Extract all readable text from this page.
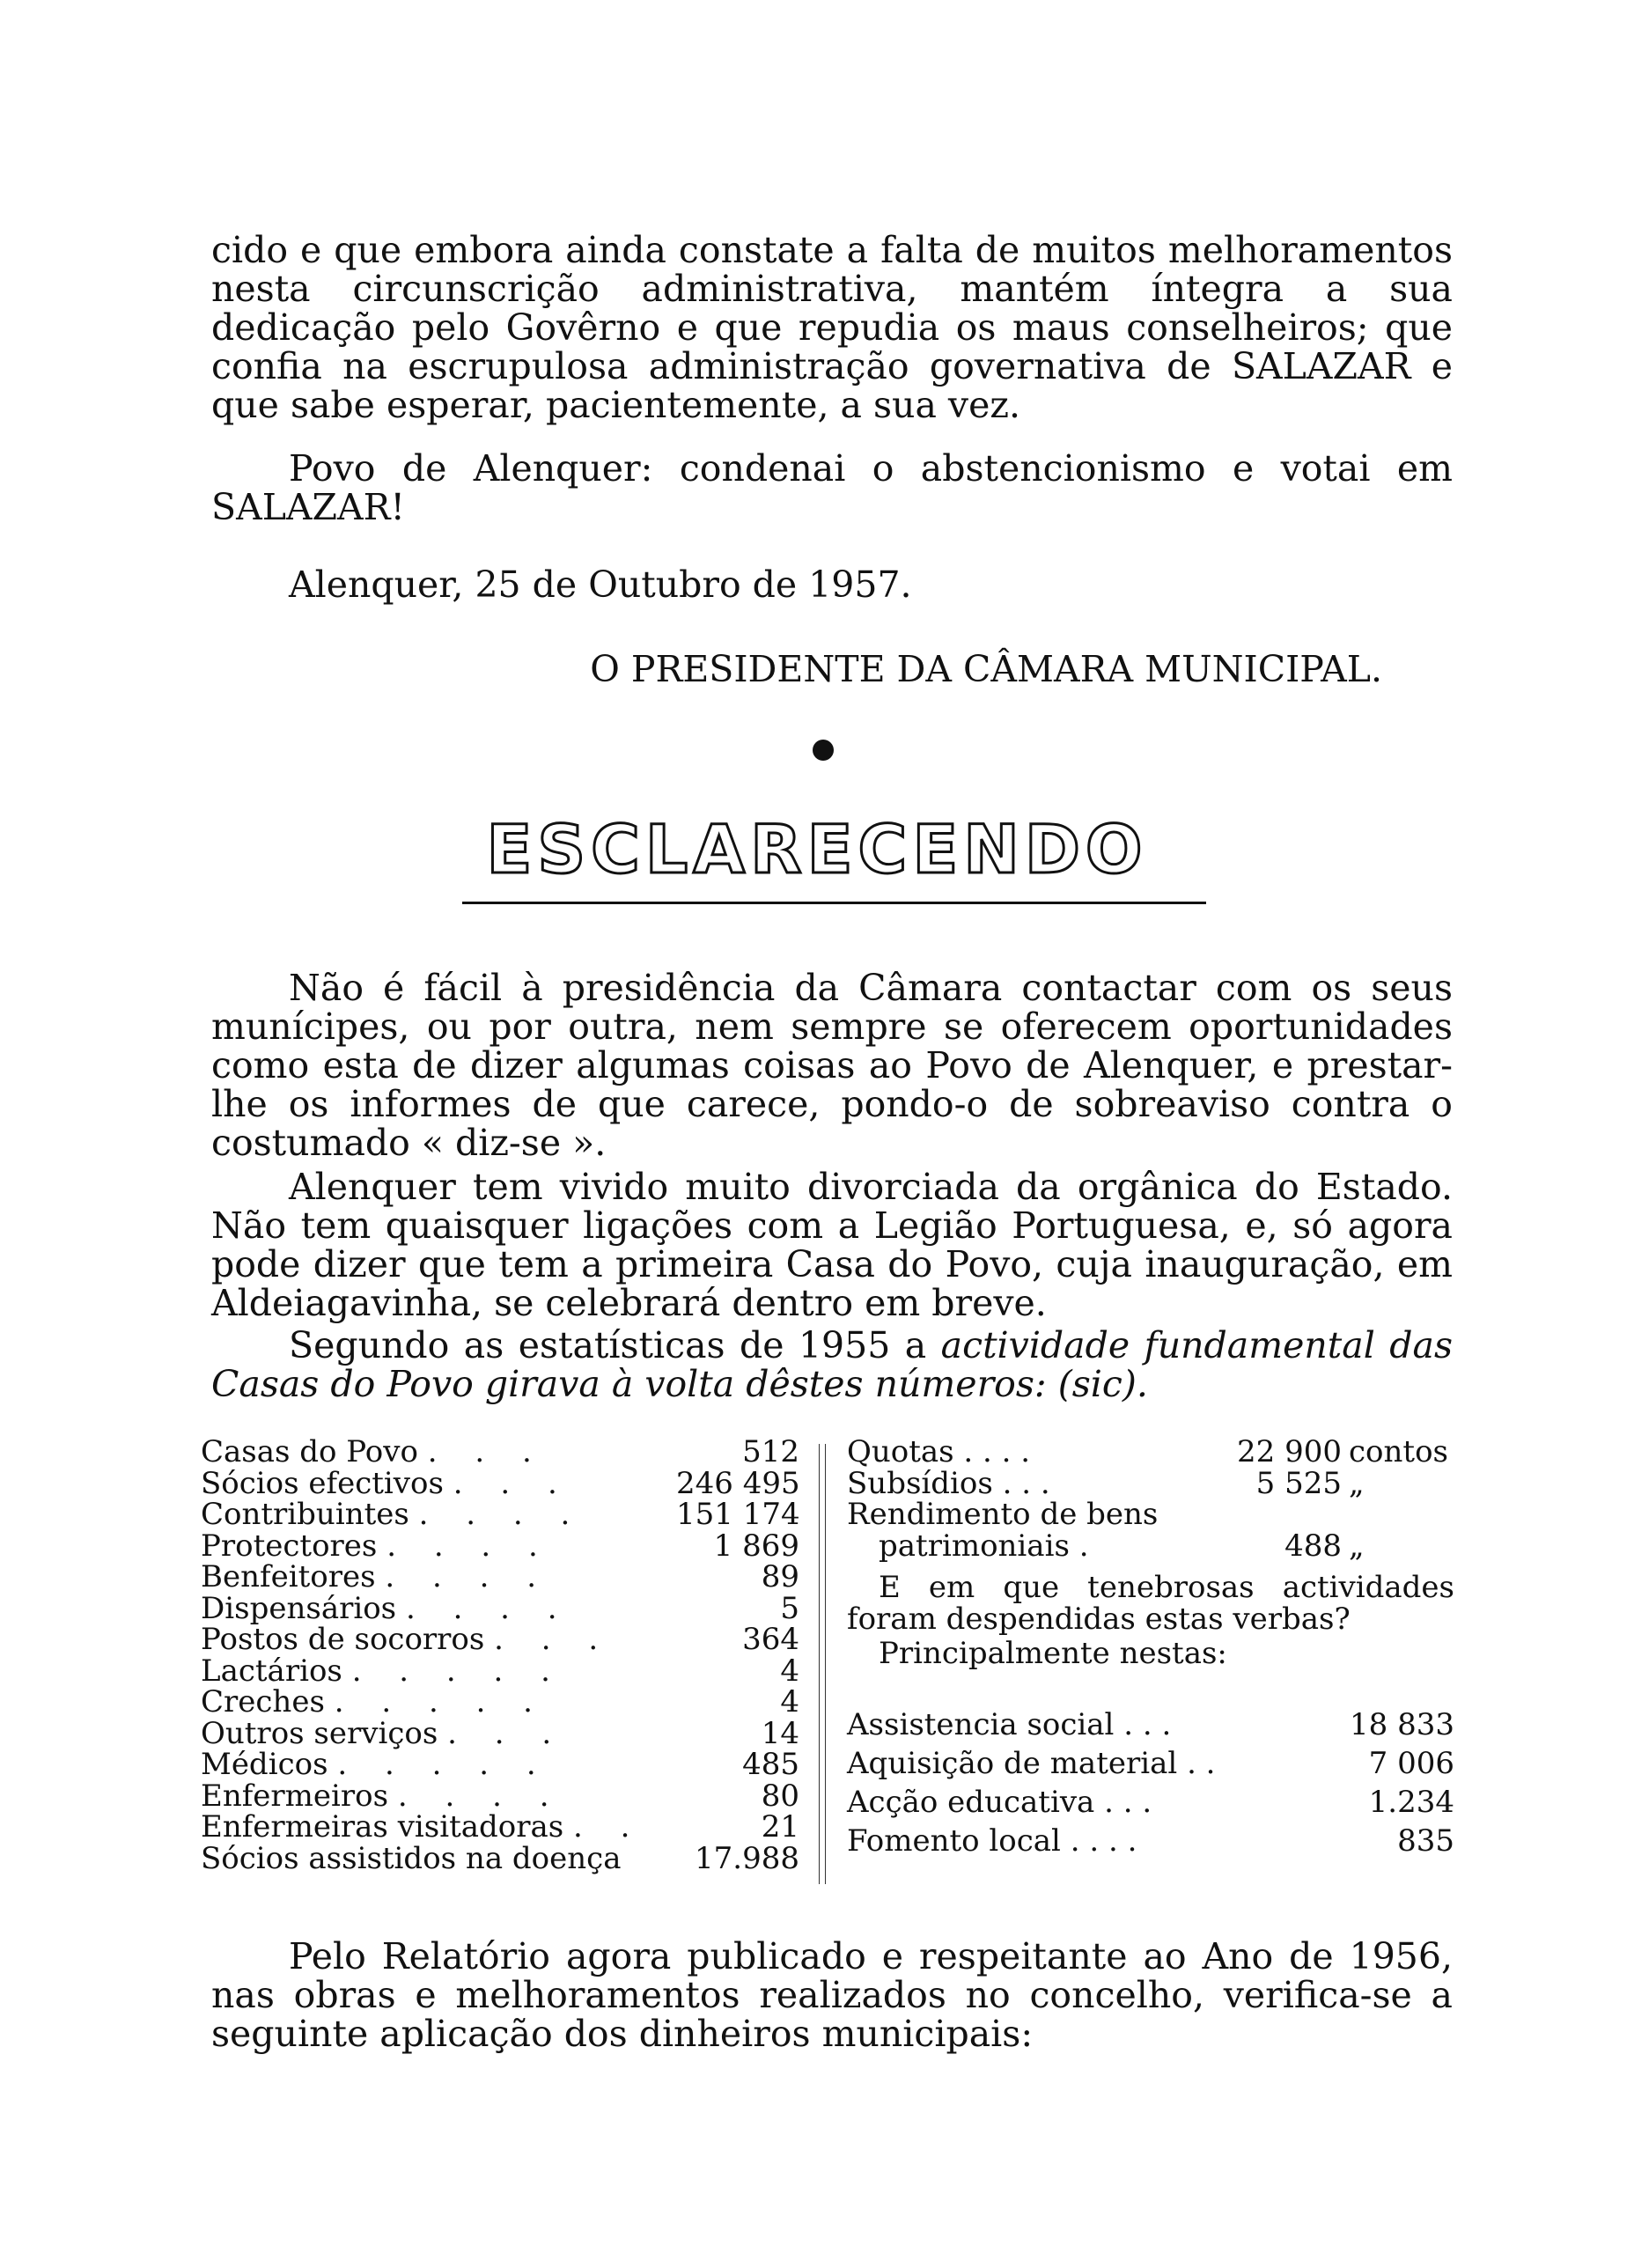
cido e que embora ainda constate a falta de muitos melhoramentos nesta circunscrição administrativa, mantém íntegra a sua dedicação pelo Govêrno e que repudia os maus conselheiros; que confia na escrupulosa administração governativa de SALAZAR e que sabe esperar, pacientemente, a sua vez.

Povo de Alenquer: condenai o abstencionismo e votai em SALAZAR!

Alenquer, 25 de Outubro de 1957.

O PRESIDENTE DA CÂMARA MUNICIPAL.

ESCLARECENDO

Não é fácil à presidência da Câmara contactar com os seus munícipes, ou por outra, nem sempre se oferecem oportunidades como esta de dizer algumas coisas ao Povo de Alenquer, e prestar-lhe os informes de que carece, pondo-o de sobreaviso contra o costumado « diz-se ».

Alenquer tem vivido muito divorciada da orgânica do Estado. Não tem quaisquer ligações com a Legião Portuguesa, e, só agora pode dizer que tem a primeira Casa do Povo, cuja inauguração, em Aldeiagavinha, se celebrará dentro em breve.

Segundo as estatísticas de 1955 a actividade fundamental das Casas do Povo girava à volta dêstes números: (sic).

Casas do Povo . . .	512
Sócios efectivos . . .	246 495
Contribuintes . . . .	151 174
Protectores . . . .	1 869
Benfeitores . . . .	89
Dispensários . . . .	5
Postos de socorros . . .	364
Lactários . . . . .	4
Creches . . . . .	4
Outros serviços . . .	14
Médicos . . . . .	485
Enfermeiros . . . .	80
Enfermeiras visitadoras . .	21
Sócios assistidos na doença	17.988
Quotas . . . .	22 900 contos
Subsídios . . .	5 525 „
Rendimento de bens
patrimoniais .	488 „
E em que tenebrosas actividades foram despendidas estas verbas?
Principalmente nestas:
Assistencia social . . .	18 833
Aquisição de material . .	7 006
Acção educativa . . .	1.234
Fomento local . . . .	835

Pelo Relatório agora publicado e respeitante ao Ano de 1956, nas obras e melhoramentos realizados no concelho, verifica-se a seguinte aplicação dos dinheiros municipais:
